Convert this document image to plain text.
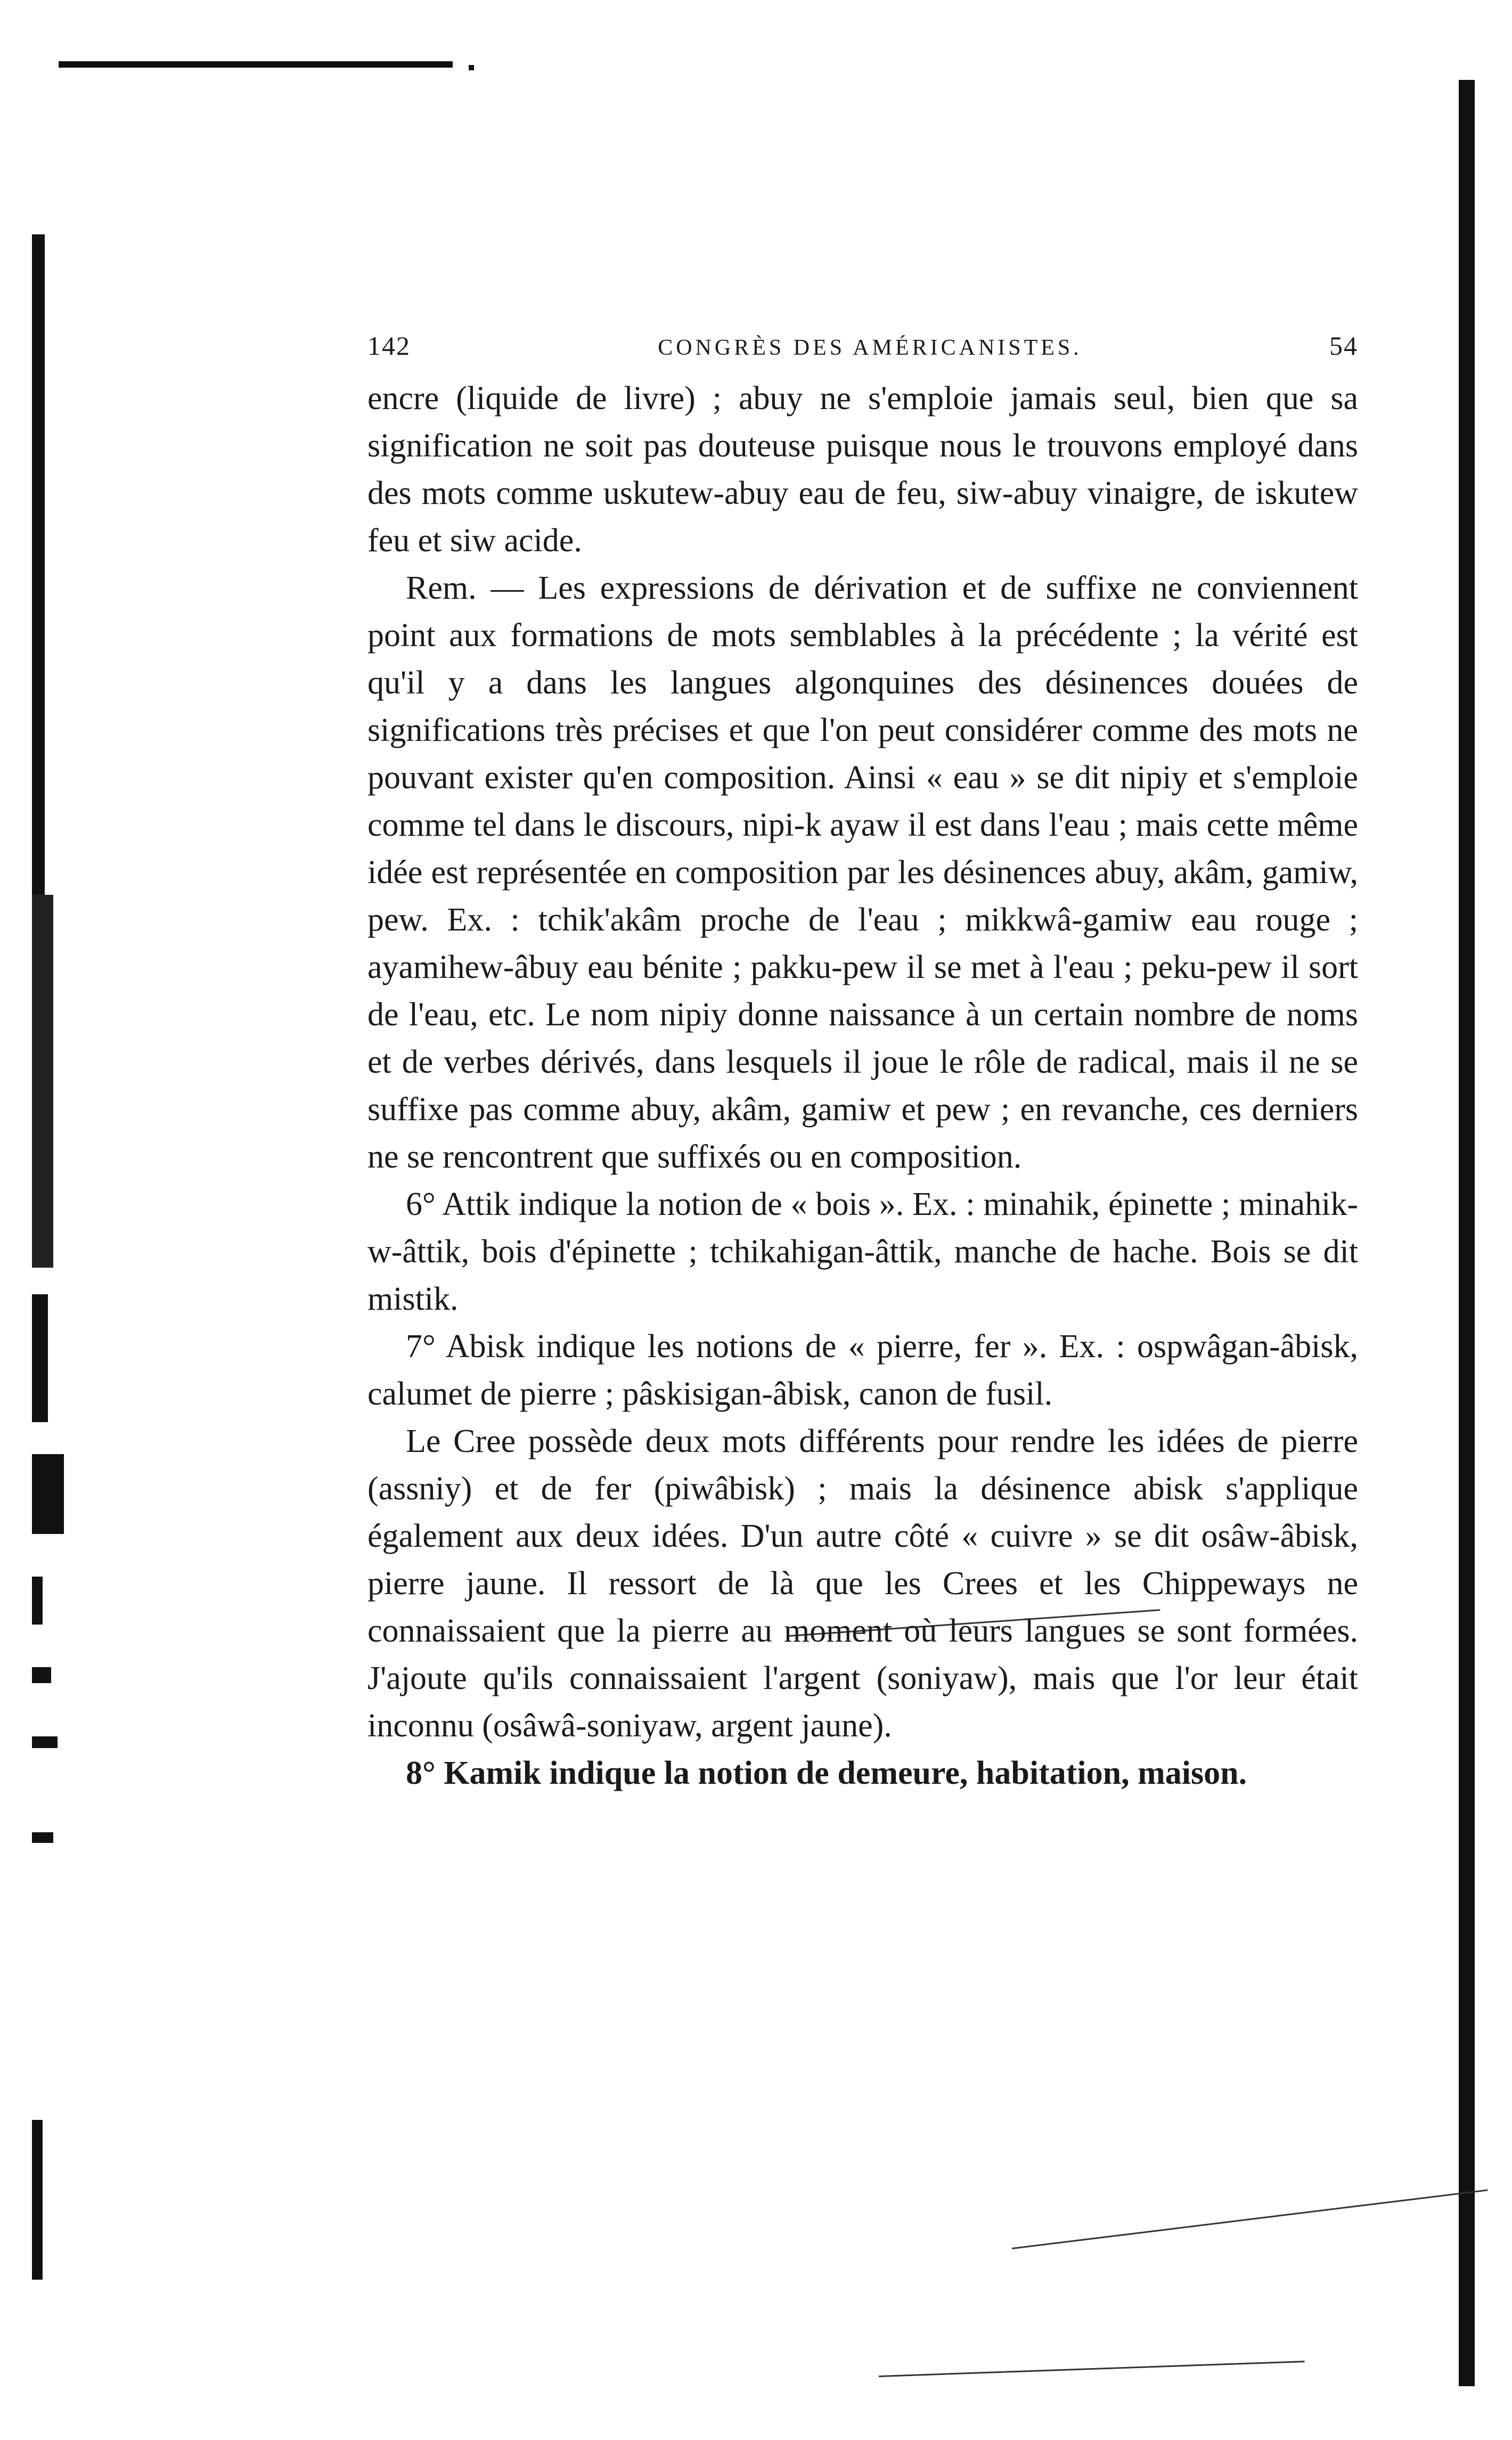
142	CONGRÈS DES AMÉRICANISTES.	54

encre (liquide de livre) ; abuy ne s'emploie jamais seul, bien que sa signification ne soit pas douteuse puisque nous le trouvons employé dans des mots comme uskutew-abuy eau de feu, siw-abuy vinaigre, de iskutew feu et siw acide.

Rem. — Les expressions de dérivation et de suffixe ne conviennent point aux formations de mots semblables à la précédente ; la vérité est qu'il y a dans les langues algonquines des désinences douées de significations très précises et que l'on peut considérer comme des mots ne pouvant exister qu'en composition. Ainsi « eau » se dit nipiy et s'emploie comme tel dans le discours, nipi-k ayaw il est dans l'eau ; mais cette même idée est représentée en composition par les désinences abuy, akâm, gamiw, pew. Ex. : tchik'akâm proche de l'eau ; mikkwâ-gamiw eau rouge ; ayamihew-âbuy eau bénite ; pakku-pew il se met à l'eau ; peku-pew il sort de l'eau, etc. Le nom nipiy donne naissance à un certain nombre de noms et de verbes dérivés, dans lesquels il joue le rôle de radical, mais il ne se suffixe pas comme abuy, akâm, gamiw et pew ; en revanche, ces derniers ne se rencontrent que suffixés ou en composition.

6° Attik indique la notion de « bois ». Ex. : minahik, épinette ; minahik-w-âttik, bois d'épinette ; tchikahigan-âttik, manche de hache. Bois se dit mistik.

7° Abisk indique les notions de « pierre, fer ». Ex. : ospwâgan-âbisk, calumet de pierre ; pâskisigan-âbisk, canon de fusil.

Le Cree possède deux mots différents pour rendre les idées de pierre (assniy) et de fer (piwâbisk) ; mais la désinence abisk s'applique également aux deux idées. D'un autre côté « cuivre » se dit osâw-âbisk, pierre jaune. Il ressort de là que les Crees et les Chippeways ne connaissaient que la pierre au moment où leurs langues se sont formées. J'ajoute qu'ils connaissaient l'argent (soniyaw), mais que l'or leur était inconnu (osâwâ-soniyaw, argent jaune).

8° Kamik indique la notion de demeure, habitation, maison.
